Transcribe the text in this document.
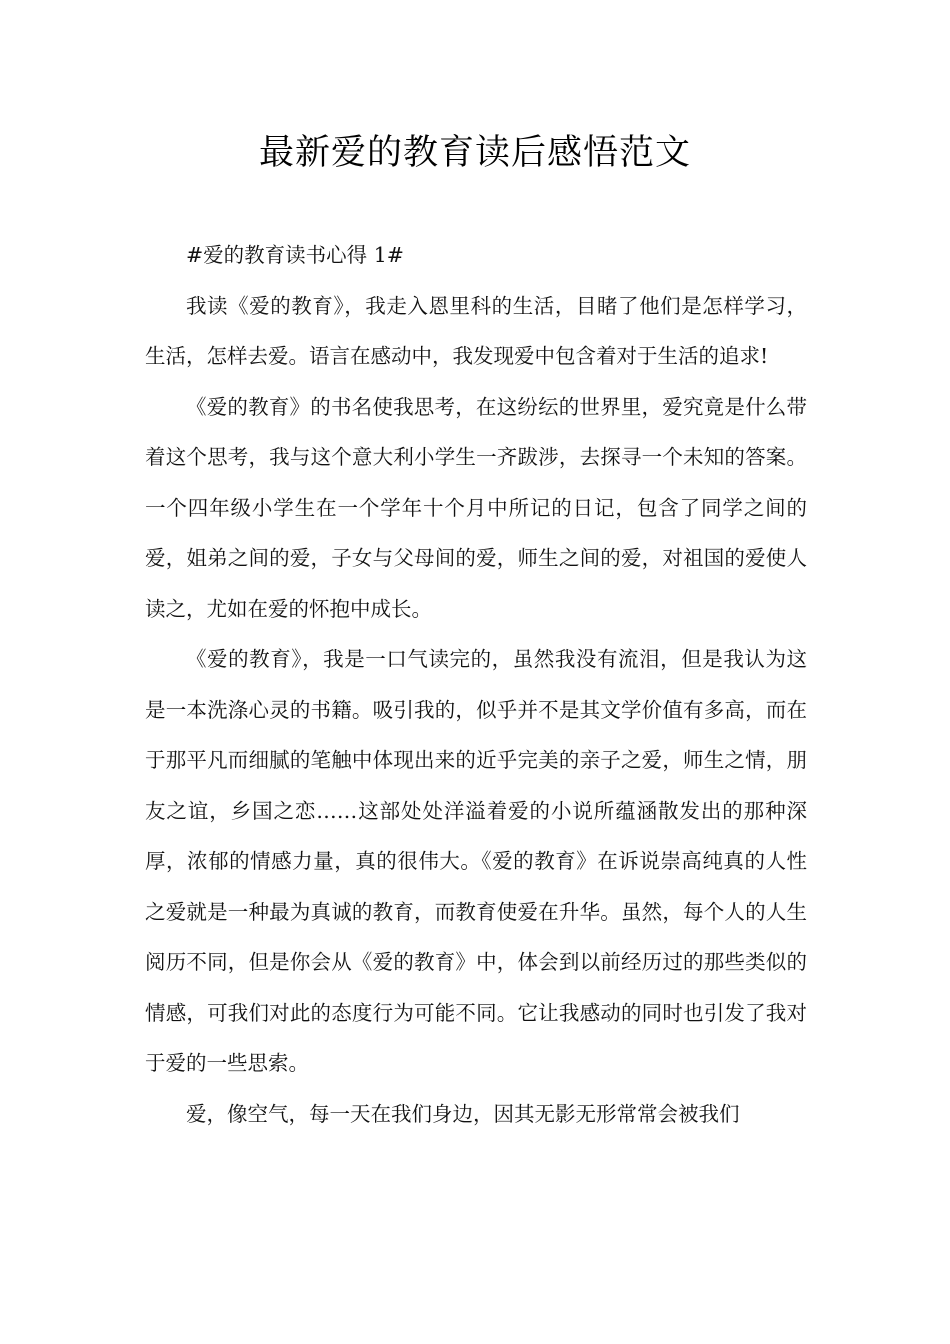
最新爱的教育读后感悟范文

#爱的教育读书心得 1#

我读《爱的教育》，我走入恩里科的生活，目睹了他们是怎样学习，生活，怎样去爱。语言在感动中，我发现爱中包含着对于生活的追求!

《爱的教育》的书名使我思考，在这纷纭的世界里，爱究竟是什么带着这个思考，我与这个意大利小学生一齐跋涉，去探寻一个未知的答案。一个四年级小学生在一个学年十个月中所记的日记，包含了同学之间的爱，姐弟之间的爱，子女与父母间的爱，师生之间的爱，对祖国的爱使人读之，尤如在爱的怀抱中成长。

《爱的教育》，我是一口气读完的，虽然我没有流泪，但是我认为这是一本洗涤心灵的书籍。吸引我的，似乎并不是其文学价值有多高，而在于那平凡而细腻的笔触中体现出来的近乎完美的亲子之爱，师生之情，朋友之谊，乡国之恋……这部处处洋溢着爱的小说所蕴涵散发出的那种深厚，浓郁的情感力量，真的很伟大。《爱的教育》在诉说崇高纯真的人性之爱就是一种最为真诚的教育，而教育使爱在升华。虽然，每个人的人生阅历不同，但是你会从《爱的教育》中，体会到以前经历过的那些类似的情感，可我们对此的态度行为可能不同。它让我感动的同时也引发了我对于爱的一些思索。

爱，像空气，每一天在我们身边，因其无影无形常常会被我们
